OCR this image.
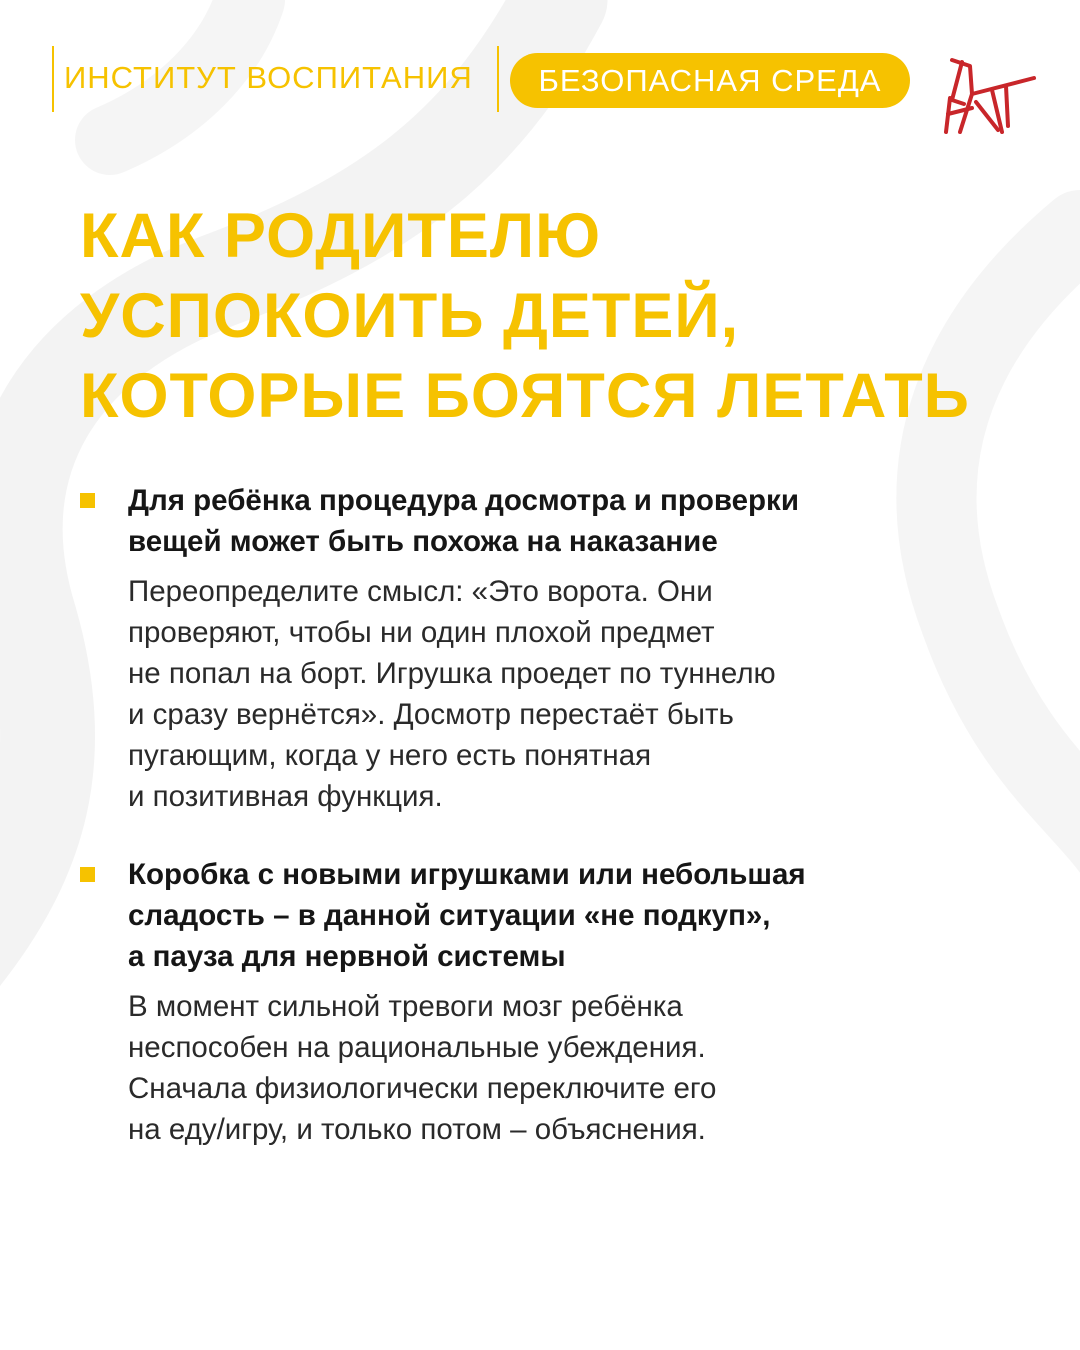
ИНСТИТУТ ВОСПИТАНИЯ	БЕЗОПАСНАЯ СРЕДА
КАК РОДИТЕЛЮ
УСПОКОИТЬ ДЕТЕЙ,
КОТОРЫЕ БОЯТСЯ ЛЕТАТЬ
Для ребёнка процедура досмотра и проверки
вещей может быть похожа на наказание
Переопределите смысл: «Это ворота. Они
проверяют, чтобы ни один плохой предмет
не попал на борт. Игрушка проедет по туннелю
и сразу вернётся». Досмотр перестаёт быть
пугающим, когда у него есть понятная
и позитивная функция.
Коробка с новыми игрушками или небольшая
сладость – в данной ситуации «не подкуп»,
а пауза для нервной системы
В момент сильной тревоги мозг ребёнка
неспособен на рациональные убеждения.
Сначала физиологически переключите его
на еду/игру, и только потом – объяснения.
